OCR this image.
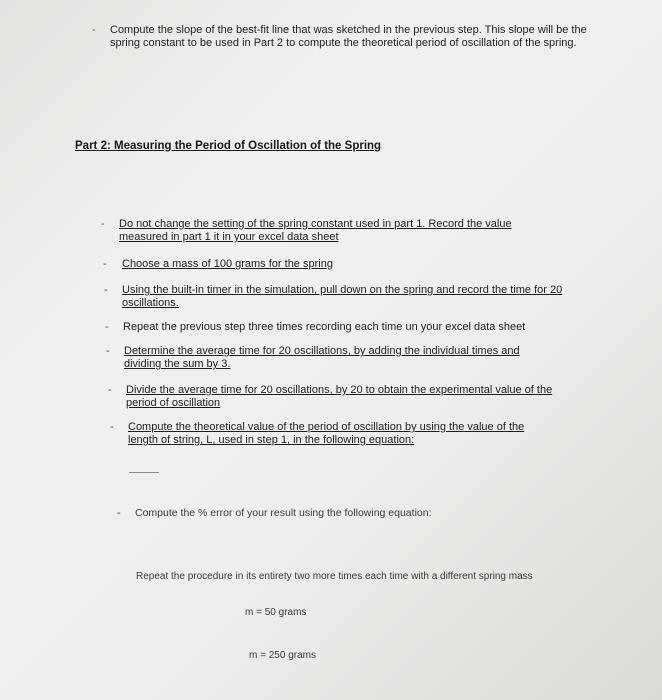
- Compute the slope of the best-fit line that was sketched in the previous step. This slope will be the spring constant to be used in Part 2 to compute the theoretical period of oscillation of the spring.
Part 2: Measuring the Period of Oscillation of the Spring
- Do not change the setting of the spring constant used in part 1. Record the value measured in part 1 it in your excel data sheet
- Choose a mass of 100 grams for the spring
- Using the built-in timer in the simulation, pull down on the spring and record the time for 20 oscillations.
- Repeat the previous step three times recording each time un your excel data sheet
- Determine the average time for 20 oscillations, by adding the individual times and dividing the sum by 3.
- Divide the average time for 20 oscillations, by 20 to obtain the experimental value of the period of oscillation
- Compute the theoretical value of the period of oscillation by using the value of the length of string, L, used in step 1, in the following equation:
- Compute the % error of your result using the following equation:
Repeat the procedure in its entirety two more times each time with a different spring mass
m = 50 grams
m = 250 grams
